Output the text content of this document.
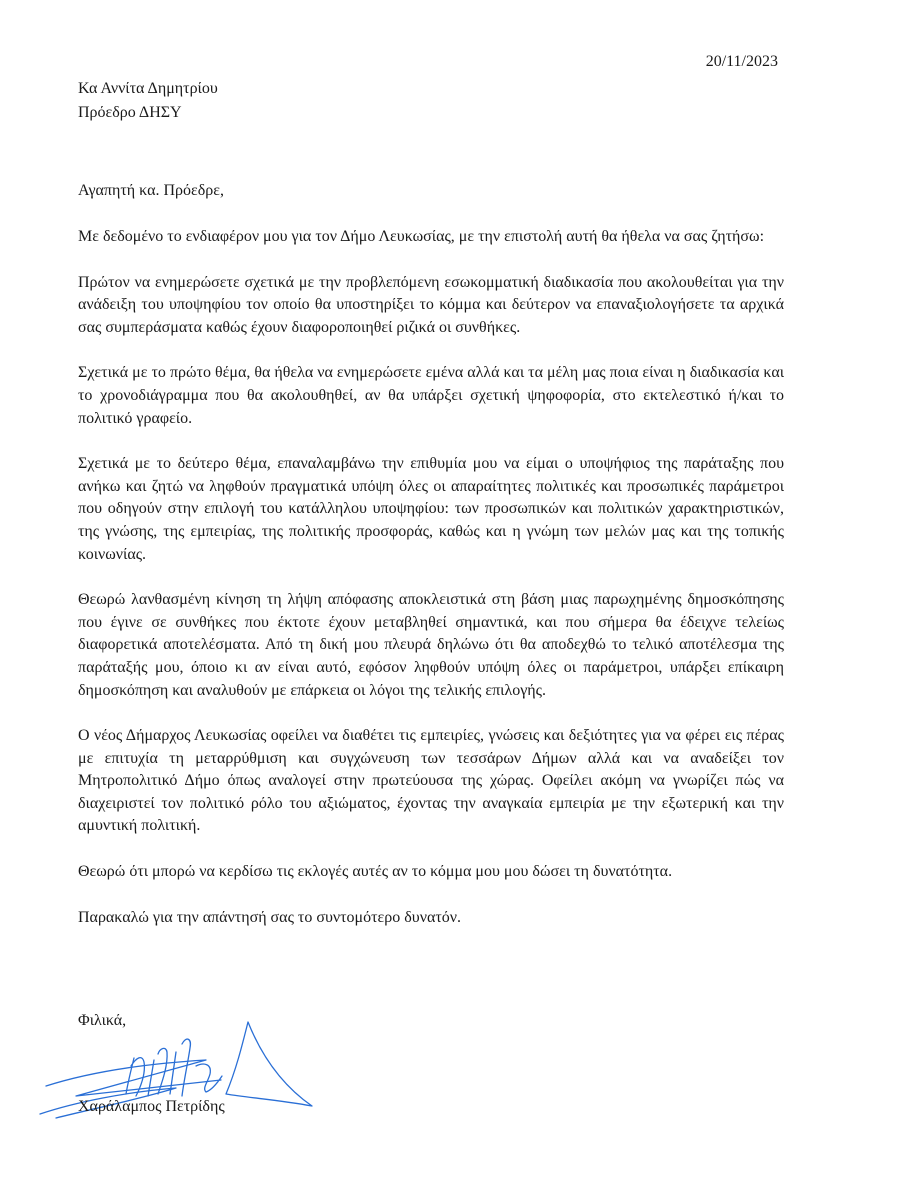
20/11/2023
Κα Αννίτα Δημητρίου
Πρόεδρο ΔΗΣΥ
Αγαπητή κα. Πρόεδρε,

Με δεδομένο το ενδιαφέρον μου για τον Δήμο Λευκωσίας, με την επιστολή αυτή θα ήθελα να σας ζητήσω:

Πρώτον να ενημερώσετε σχετικά με την προβλεπόμενη εσωκομματική διαδικασία που ακολουθείται για την ανάδειξη του υποψηφίου τον οποίο θα υποστηρίξει το κόμμα και δεύτερον να επαναξιολογήσετε τα αρχικά σας συμπεράσματα καθώς έχουν διαφοροποιηθεί ριζικά οι συνθήκες.

Σχετικά με το πρώτο θέμα, θα ήθελα να ενημερώσετε εμένα αλλά και τα μέλη μας ποια είναι η διαδικασία και το χρονοδιάγραμμα που θα ακολουθηθεί, αν θα υπάρξει σχετική ψηφοφορία, στο εκτελεστικό ή/και το πολιτικό γραφείο.

Σχετικά με το δεύτερο θέμα, επαναλαμβάνω την επιθυμία μου να είμαι ο υποψήφιος της παράταξης που ανήκω και ζητώ να ληφθούν πραγματικά υπόψη όλες οι απαραίτητες πολιτικές και προσωπικές παράμετροι που οδηγούν στην επιλογή του κατάλληλου υποψηφίου: των προσωπικών και πολιτικών χαρακτηριστικών, της γνώσης, της εμπειρίας, της πολιτικής προσφοράς, καθώς και η γνώμη των μελών μας και της τοπικής κοινωνίας.

Θεωρώ λανθασμένη κίνηση τη λήψη απόφασης αποκλειστικά στη βάση μιας παρωχημένης δημοσκόπησης που έγινε σε συνθήκες που έκτοτε έχουν μεταβληθεί σημαντικά, και που σήμερα θα έδειχνε τελείως διαφορετικά αποτελέσματα. Από τη δική μου πλευρά δηλώνω ότι θα αποδεχθώ το τελικό αποτέλεσμα της παράταξής μου, όποιο κι αν είναι αυτό, εφόσον ληφθούν υπόψη όλες οι παράμετροι, υπάρξει επίκαιρη δημοσκόπηση και αναλυθούν με επάρκεια οι λόγοι της τελικής επιλογής.

Ο νέος Δήμαρχος Λευκωσίας οφείλει να διαθέτει τις εμπειρίες, γνώσεις και δεξιότητες για να φέρει εις πέρας με επιτυχία τη μεταρρύθμιση και συγχώνευση των τεσσάρων Δήμων αλλά και να αναδείξει τον Μητροπολιτικό Δήμο όπως αναλογεί στην πρωτεύουσα της χώρας. Οφείλει ακόμη να γνωρίζει πώς να διαχειριστεί τον πολιτικό ρόλο του αξιώματος, έχοντας την αναγκαία εμπειρία με την εξωτερική και την αμυντική πολιτική.

Θεωρώ ότι μπορώ να κερδίσω τις εκλογές αυτές αν το κόμμα μου μου δώσει τη δυνατότητα.

Παρακαλώ για την απάντησή σας το συντομότερο δυνατόν.

Φιλικά,
Χαράλαμπος Πετρίδης
